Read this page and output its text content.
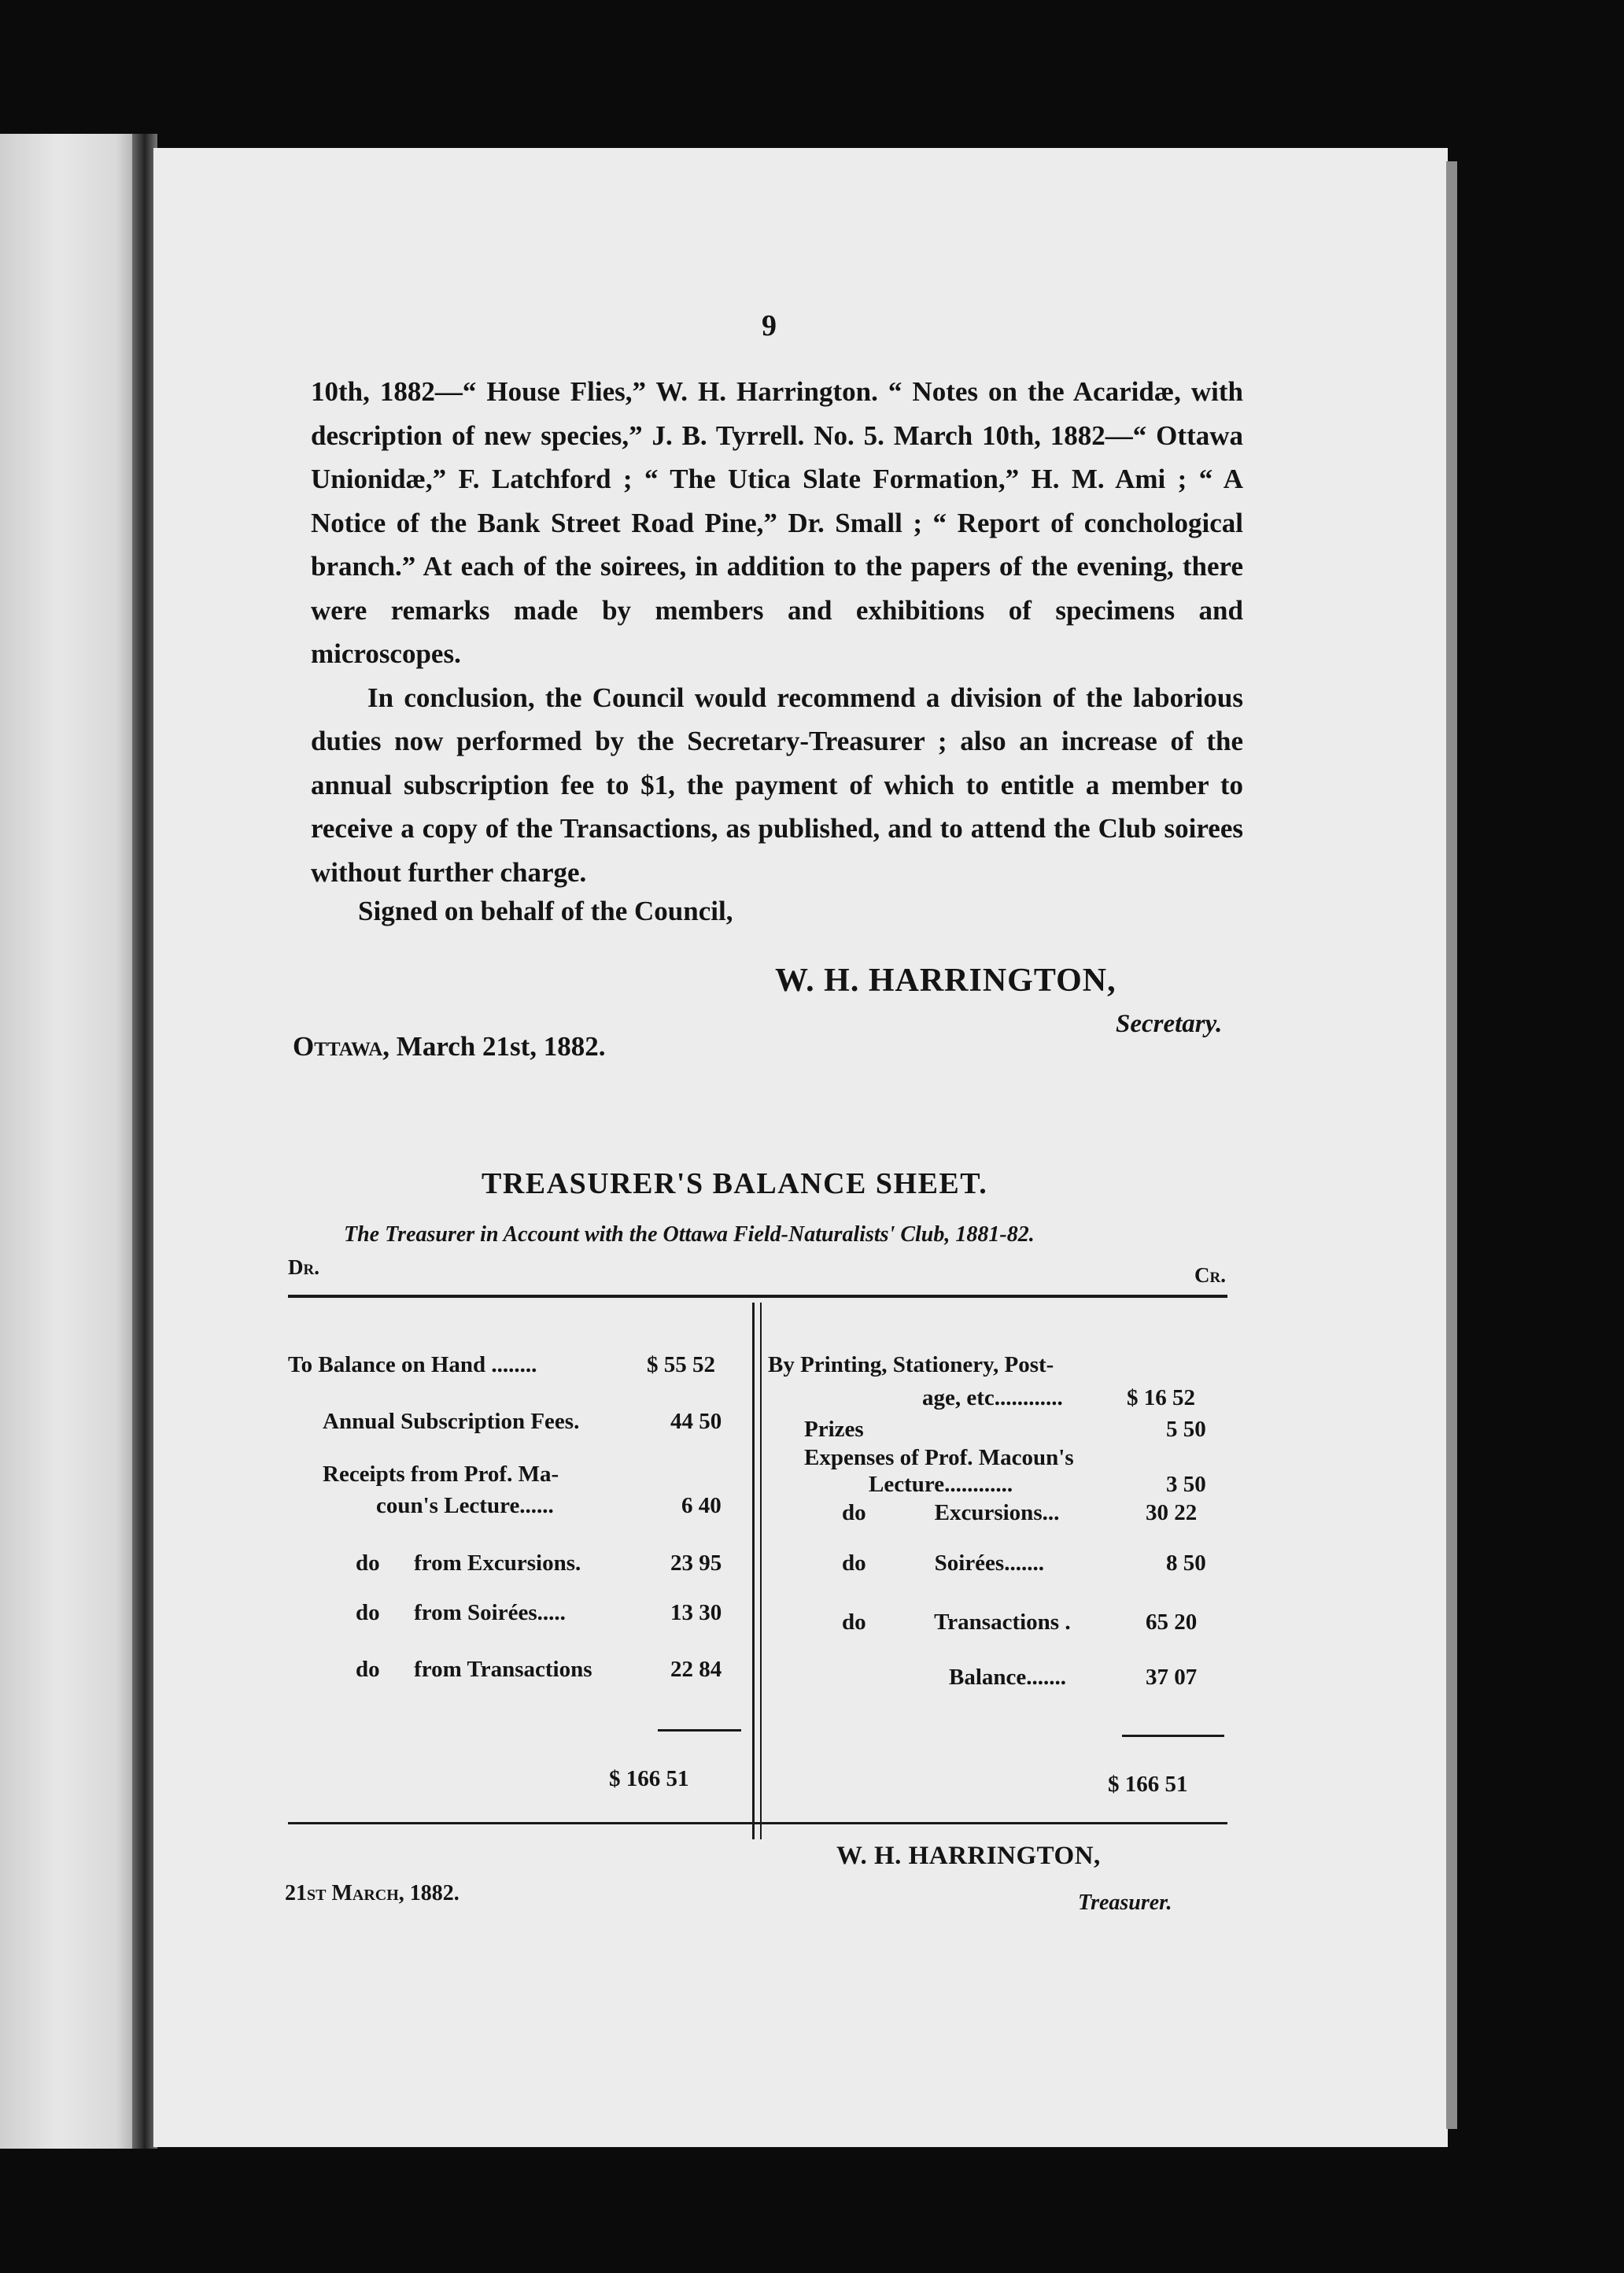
9

10th, 1882—“ House Flies,” W. H. Harrington. “ Notes on the Acaridæ, with description of new species,” J. B. Tyrrell. No. 5. March 10th, 1882—“ Ottawa Unionidæ,” F. Latchford ; “ The Utica Slate Formation,” H. M. Ami ; “ A Notice of the Bank Street Road Pine,” Dr. Small ; “ Report of conchological branch.” At each of the soirees, in addition to the papers of the evening, there were remarks made by members and exhibitions of specimens and microscopes.

In conclusion, the Council would recommend a division of the laborious duties now performed by the Secretary-Treasurer ; also an increase of the annual subscription fee to $1, the payment of which to entitle a member to receive a copy of the Transactions, as published, and to attend the Club soirees without further charge.

Signed on behalf of the Council,
W. H. HARRINGTON,
Secretary.
Ottawa, March 21st, 1882.
TREASURER'S BALANCE SHEET.
The Treasurer in Account with the Ottawa Field-Naturalists' Club, 1881-82.
Dr.	Cr.
To Balance on Hand ........	$ 55 52
Annual Subscription Fees.	44 50
Receipts from Prof. Ma-
coun's Lecture......	6 40
do      from Excursions.	23 95
do      from Soirées.....	13 30
do      from Transactions	22 84
By Printing, Stationery, Post-
age, etc............	$ 16 52
Prizes	5 50
Expenses of Prof. Macoun's
Lecture............	3 50
do            Excursions...	30 22
do            Soirées.......	8 50
do            Transactions .	65 20
Balance.......	37 07
$ 166 51	$ 166 51
W. H. HARRINGTON,
Treasurer.
21st March, 1882.
